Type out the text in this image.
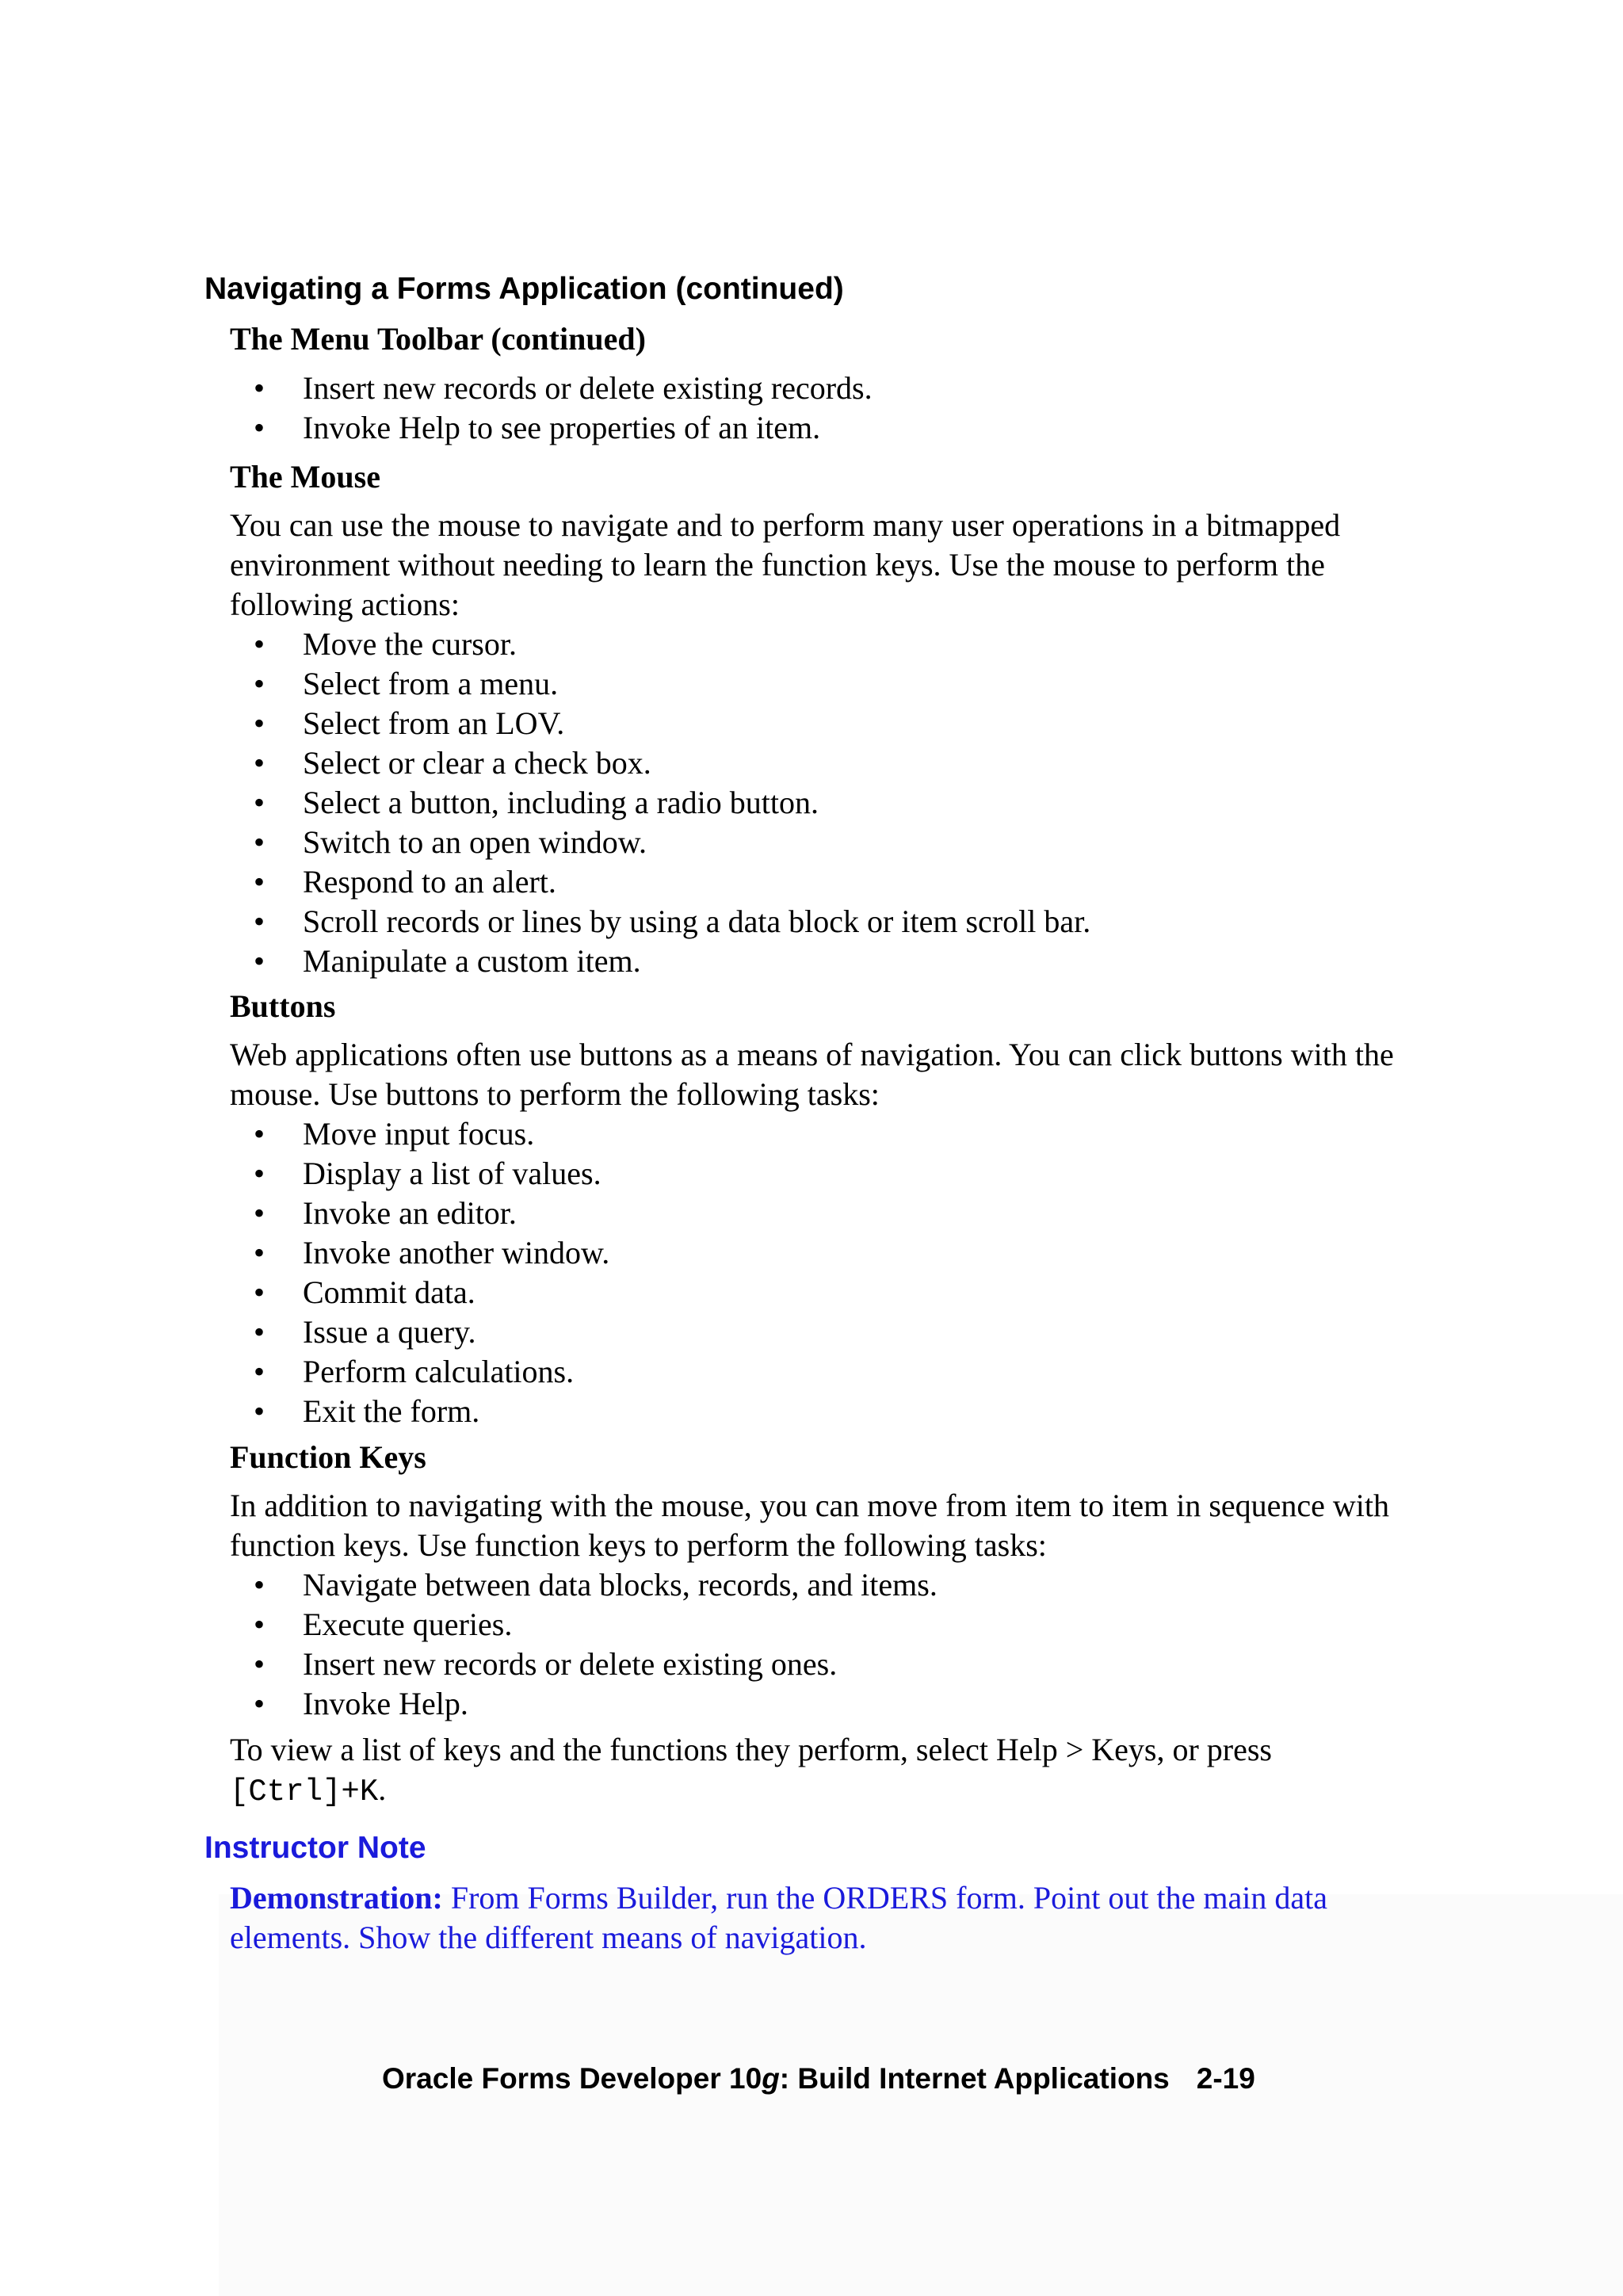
Navigating a Forms Application (continued)
The Menu Toolbar (continued)
• Insert new records or delete existing records.
• Invoke Help to see properties of an item.
The Mouse

You can use the mouse to navigate and to perform many user operations in a bitmapped environment without needing to learn the function keys. Use the mouse to perform the following actions:

• Move the cursor.
• Select from a menu.
• Select from an LOV.
• Select or clear a check box.
• Select a button, including a radio button.
• Switch to an open window.
• Respond to an alert.
• Scroll records or lines by using a data block or item scroll bar.
• Manipulate a custom item.
Buttons

Web applications often use buttons as a means of navigation. You can click buttons with the mouse. Use buttons to perform the following tasks:

• Move input focus.
• Display a list of values.
• Invoke an editor.
• Invoke another window.
• Commit data.
• Issue a query.
• Perform calculations.
• Exit the form.
Function Keys

In addition to navigating with the mouse, you can move from item to item in sequence with function keys. Use function keys to perform the following tasks:

• Navigate between data blocks, records, and items.
• Execute queries.
• Insert new records or delete existing ones.
• Invoke Help.

To view a list of keys and the functions they perform, select Help > Keys, or press
[Ctrl]+K.

Instructor Note

Demonstration: From Forms Builder, run the ORDERS form. Point out the main data elements. Show the different means of navigation.

Oracle Forms Developer 10g: Build Internet Applications 2-19
